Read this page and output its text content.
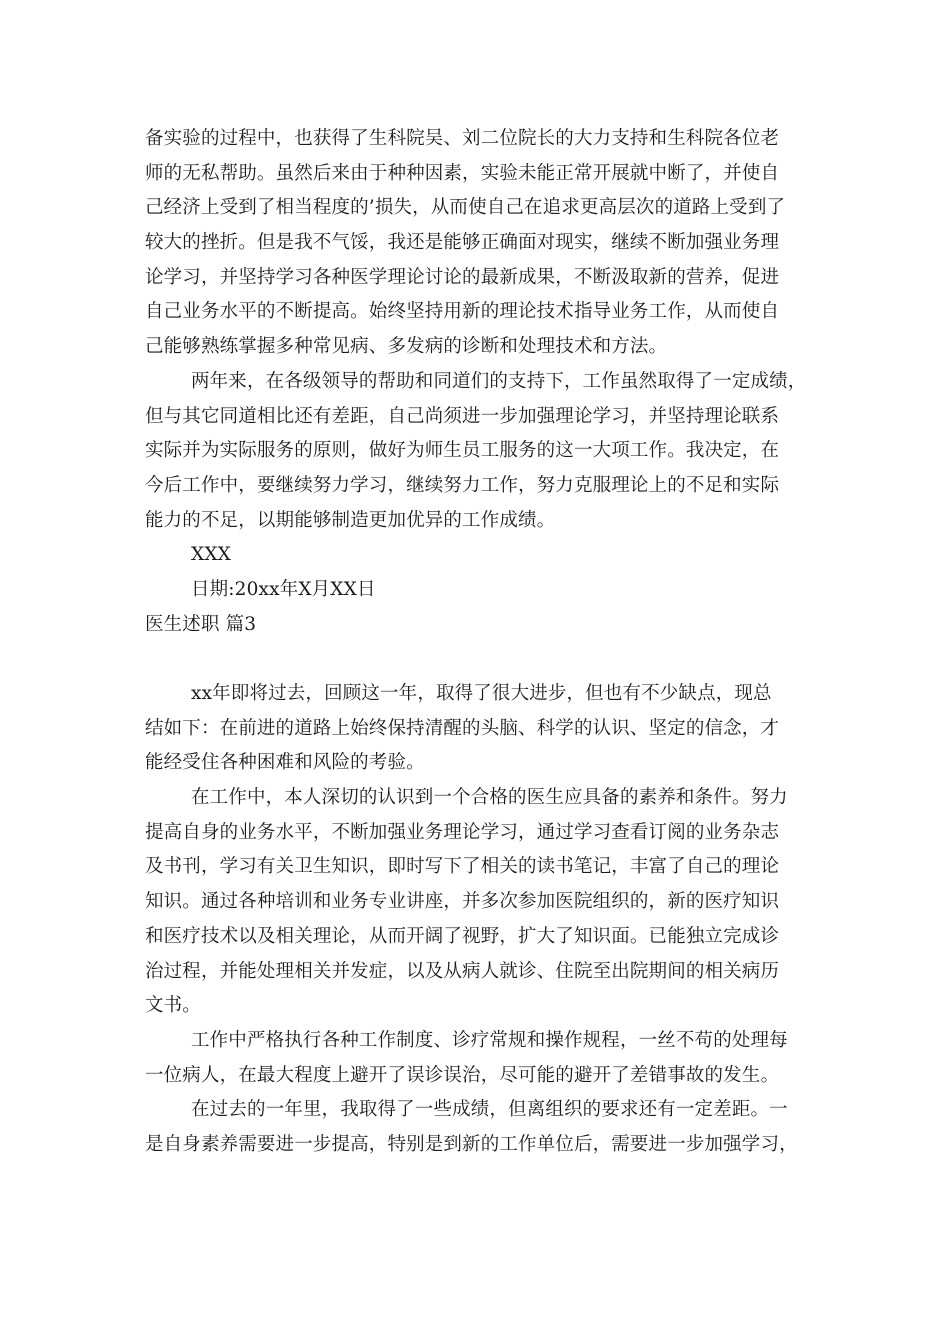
备实验的过程中，也获得了生科院吴、刘二位院长的大力支持和生科院各位老
师的无私帮助。虽然后来由于种种因素，实验未能正常开展就中断了，并使自
己经济上受到了相当程度的’损失，从而使自己在追求更高层次的道路上受到了
较大的挫折。但是我不气馁，我还是能够正确面对现实，继续不断加强业务理
论学习，并坚持学习各种医学理论讨论的最新成果，不断汲取新的营养，促进
自己业务水平的不断提高。始终坚持用新的理论技术指导业务工作，从而使自
己能够熟练掌握多种常见病、多发病的诊断和处理技术和方法。
两年来，在各级领导的帮助和同道们的支持下，工作虽然取得了一定成绩，
但与其它同道相比还有差距，自己尚须进一步加强理论学习，并坚持理论联系
实际并为实际服务的原则，做好为师生员工服务的这一大项工作。我决定，在
今后工作中，要继续努力学习，继续努力工作，努力克服理论上的不足和实际
能力的不足，以期能够制造更加优异的工作成绩。
XXX
日期:20xx年X月XX日
医生述职 篇3
xx年即将过去，回顾这一年，取得了很大进步，但也有不少缺点，现总
结如下：在前进的道路上始终保持清醒的头脑、科学的认识、坚定的信念，才
能经受住各种困难和风险的考验。
在工作中，本人深切的认识到一个合格的医生应具备的素养和条件。努力
提高自身的业务水平，不断加强业务理论学习，通过学习查看订阅的业务杂志
及书刊，学习有关卫生知识，即时写下了相关的读书笔记，丰富了自己的理论
知识。通过各种培训和业务专业讲座，并多次参加医院组织的，新的医疗知识
和医疗技术以及相关理论，从而开阔了视野，扩大了知识面。已能独立完成诊
治过程，并能处理相关并发症，以及从病人就诊、住院至出院期间的相关病历
文书。
工作中严格执行各种工作制度、诊疗常规和操作规程，一丝不苟的处理每
一位病人，在最大程度上避开了误诊误治，尽可能的避开了差错事故的发生。
在过去的一年里，我取得了一些成绩，但离组织的要求还有一定差距。一
是自身素养需要进一步提高，特别是到新的工作单位后，需要进一步加强学习，
